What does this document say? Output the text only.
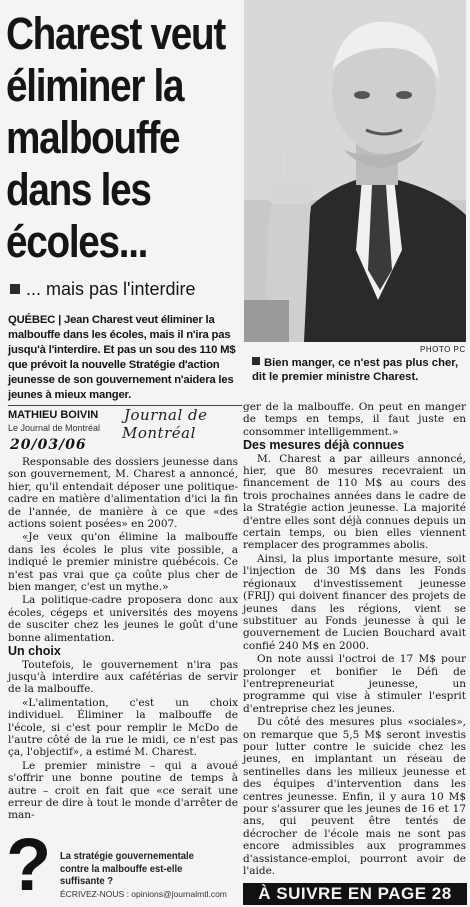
Charest veut
éliminer la
malbouffe
dans les
écoles...
... mais pas l'interdire
PHOTO PC
Bien manger, ce n'est pas plus cher, dit le premier ministre Charest.
QUÉBEC | Jean Charest veut éliminer la malbouffe dans les écoles, mais il n'ira pas jusqu'à l'interdire. Et pas un sou des 110 M$ que prévoit la nouvelle Stratégie d'action jeunesse de son gouvernement n'aidera les jeunes à mieux manger.
MATHIEU BOIVIN
Le Journal de Montréal
Journal de
Montréal
20/03/06

Responsable des dossiers jeunesse dans son gouvernement, M. Charest a annoncé, hier, qu'il entendait déposer une politique-cadre en matière d'alimentation d'ici la fin de l'année, de manière à ce que «des actions soient posées» en 2007.

«Je veux qu'on élimine la malbouffe dans les écoles le plus vite possible, a indiqué le premier ministre québécois. Ce n'est pas vrai que ça coûte plus cher de bien manger, c'est un mythe.»

La politique-cadre proposera donc aux écoles, cégeps et universités des moyens de susciter chez les jeunes le goût d'une bonne alimentation.

Un choix

Toutefois, le gouvernement n'ira pas jusqu'à interdire aux cafétérias de servir de la malbouffe.

«L'alimentation, c'est un choix individuel. Éliminer la malbouffe de l'école, si c'est pour remplir le McDo de l'autre côté de la rue le midi, ce n'est pas ça, l'objectif», a estimé M. Charest.

Le premier ministre – qui a avoué s'offrir une bonne poutine de temps à autre – croit en fait que «ce serait une erreur de dire à tout le monde d'arrêter de man-

ger de la malbouffe. On peut en manger de temps en temps, il faut juste en consommer intelligemment.»

Des mesures déjà connues

M. Charest a par ailleurs annoncé, hier, que 80 mesures recevraient un financement de 110 M$ au cours des trois prochaines années dans le cadre de la Stratégie action jeunesse. La majorité d'entre elles sont déjà connues depuis un certain temps, ou bien elles viennent remplacer des programmes abolis.

Ainsi, la plus importante mesure, soit l'injection de 30 M$ dans les Fonds régionaux d'investissement jeunesse (FRIJ) qui doivent financer des projets de jeunes dans les régions, vient se substituer au Fonds jeunesse à qui le gouvernement de Lucien Bouchard avait confié 240 M$ en 2000.

On note aussi l'octroi de 17 M$ pour prolonger et bonifier le Défi de l'entrepreneuriat jeunesse, un programme qui vise à stimuler l'esprit d'entreprise chez les jeunes.

Du côté des mesures plus «sociales», on remarque que 5,5 M$ seront investis pour lutter contre le suicide chez les jeunes, en implantant un réseau de sentinelles dans les milieux jeunesse et des équipes d'intervention dans les centres jeunesse. Enfin, il y aura 10 M$ pour s'assurer que les jeunes de 16 et 17 ans, qui peuvent être tentés de décrocher de l'école mais ne sont pas encore admissibles aux programmes d'assistance-emploi, pourront avoir de l'aide.

? La stratégie gouvernementale contre la malbouffe est-elle suffisante ?
ÉCRIVEZ-NOUS : opinions@journalmtl.com	À SUIVRE EN PAGE 28
